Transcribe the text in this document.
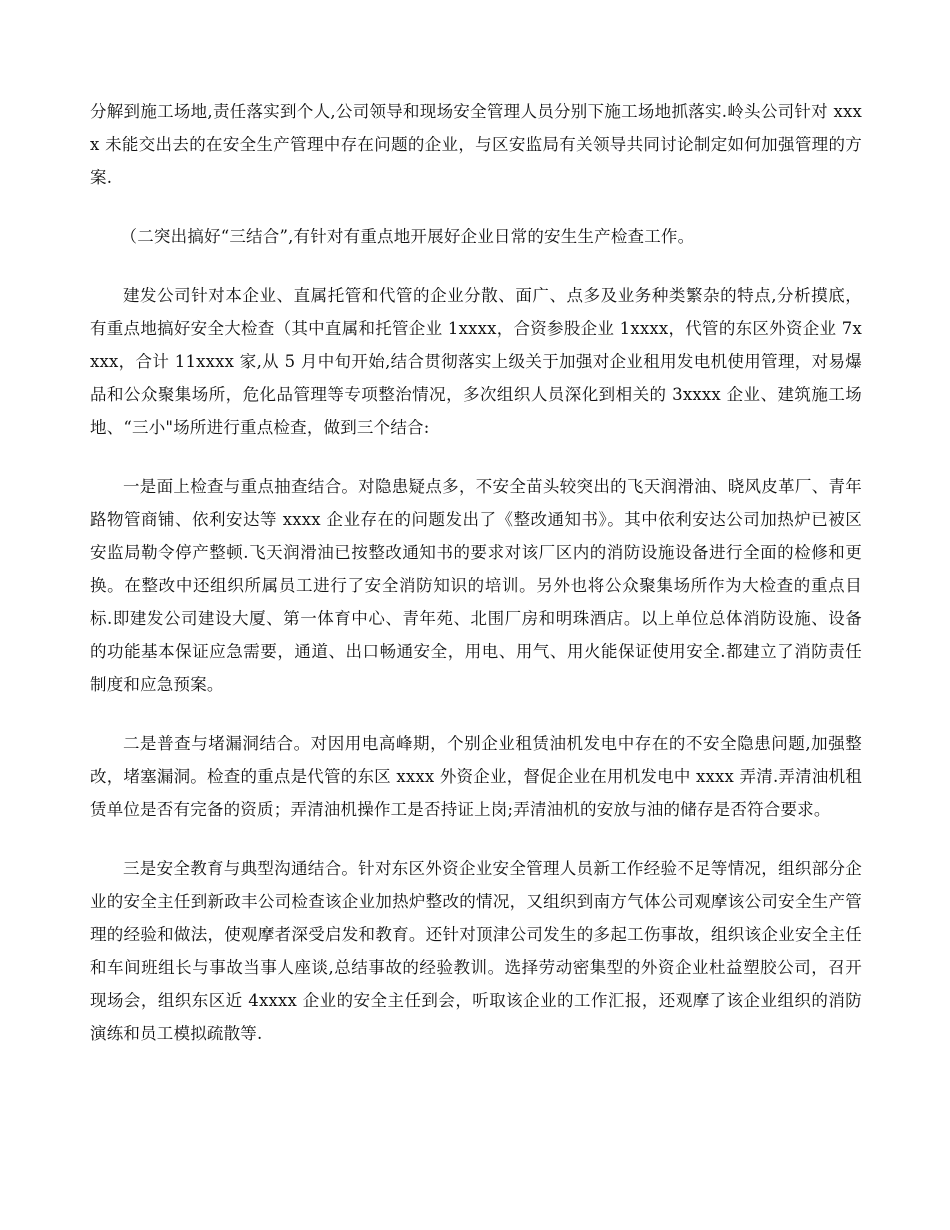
分解到施工场地,责任落实到个人,公司领导和现场安全管理人员分别下施工场地抓落实.岭头公司针对 xxxx 未能交出去的在安全生产管理中存在问题的企业，与区安监局有关领导共同讨论制定如何加强管理的方案.

（二突出搞好“三结合”,有针对有重点地开展好企业日常的安生生产检查工作。

建发公司针对本企业、直属托管和代管的企业分散、面广、点多及业务种类繁杂的特点,分析摸底，有重点地搞好安全大检查（其中直属和托管企业 1xxxx，合资参股企业 1xxxx，代管的东区外资企业 7xxxx，合计 11xxxx 家,从 5 月中旬开始,结合贯彻落实上级关于加强对企业租用发电机使用管理，对易爆品和公众聚集场所，危化品管理等专项整治情况，多次组织人员深化到相关的 3xxxx 企业、建筑施工场地、“三小"场所进行重点检查，做到三个结合:

一是面上检查与重点抽查结合。对隐患疑点多，不安全苗头较突出的飞天润滑油、晓风皮革厂、青年路物管商铺、依利安达等 xxxx 企业存在的问题发出了《整改通知书》。其中依利安达公司加热炉已被区安监局勒令停产整顿.飞天润滑油已按整改通知书的要求对该厂区内的消防设施设备进行全面的检修和更换。在整改中还组织所属员工进行了安全消防知识的培训。另外也将公众聚集场所作为大检查的重点目标.即建发公司建设大厦、第一体育中心、青年苑、北围厂房和明珠酒店。以上单位总体消防设施、设备的功能基本保证应急需要，通道、出口畅通安全，用电、用气、用火能保证使用安全.都建立了消防责任制度和应急预案。

二是普查与堵漏洞结合。对因用电高峰期，个别企业租赁油机发电中存在的不安全隐患问题,加强整改，堵塞漏洞。检查的重点是代管的东区 xxxx 外资企业，督促企业在用机发电中 xxxx 弄清.弄清油机租赁单位是否有完备的资质；弄清油机操作工是否持证上岗;弄清油机的安放与油的储存是否符合要求。

三是安全教育与典型沟通结合。针对东区外资企业安全管理人员新工作经验不足等情况，组织部分企业的安全主任到新政丰公司检查该企业加热炉整改的情况，又组织到南方气体公司观摩该公司安全生产管理的经验和做法，使观摩者深受启发和教育。还针对顶津公司发生的多起工伤事故，组织该企业安全主任和车间班组长与事故当事人座谈,总结事故的经验教训。选择劳动密集型的外资企业杜益塑胶公司，召开现场会，组织东区近 4xxxx 企业的安全主任到会，听取该企业的工作汇报，还观摩了该企业组织的消防演练和员工模拟疏散等.
